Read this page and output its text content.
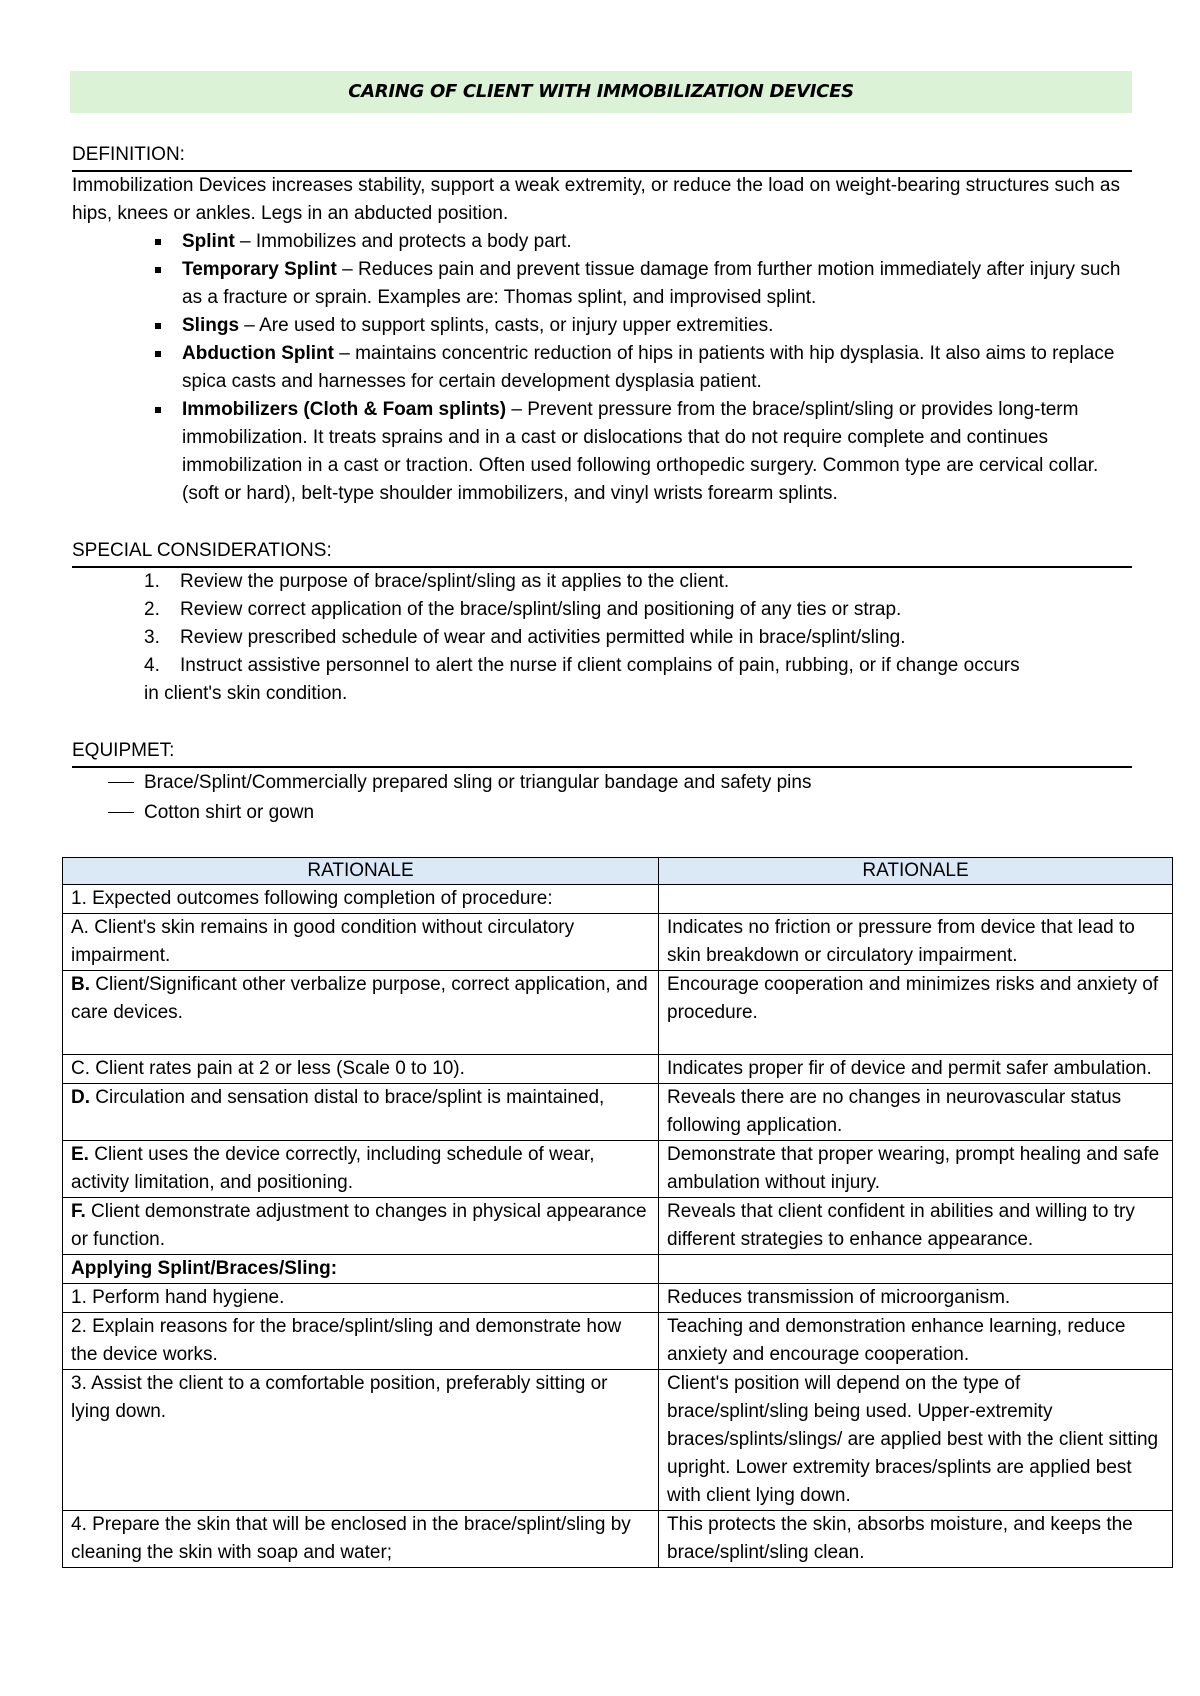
CARING OF CLIENT WITH IMMOBILIZATION DEVICES
DEFINITION:

Immobilization Devices increases stability, support a weak extremity, or reduce the load on weight-bearing structures such as hips, knees or ankles. Legs in an abducted position.

Splint – Immobilizes and protects a body part.
Temporary Splint – Reduces pain and prevent tissue damage from further motion immediately after injury such as a fracture or sprain. Examples are: Thomas splint, and improvised splint.
Slings – Are used to support splints, casts, or injury upper extremities.
Abduction Splint – maintains concentric reduction of hips in patients with hip dysplasia. It also aims to replace spica casts and harnesses for certain development dysplasia patient.
Immobilizers (Cloth & Foam splints) – Prevent pressure from the brace/splint/sling or provides long-term immobilization. It treats sprains and in a cast or dislocations that do not require complete and continues immobilization in a cast or traction. Often used following orthopedic surgery. Common type are cervical collar. (soft or hard), belt-type shoulder immobilizers, and vinyl wrists forearm splints.
SPECIAL CONSIDERATIONS:
1. Review the purpose of brace/splint/sling as it applies to the client.
2. Review correct application of the brace/splint/sling and positioning of any ties or strap.
3. Review prescribed schedule of wear and activities permitted while in brace/splint/sling.
4. Instruct assistive personnel to alert the nurse if client complains of pain, rubbing, or if change occurs
in client's skin condition.
EQUIPMET:
Brace/Splint/Commercially prepared sling or triangular bandage and safety pins
Cotton shirt or gown
RATIONALE	RATIONALE
1. Expected outcomes following completion of procedure:	
A. Client's skin remains in good condition without circulatory impairment.	Indicates no friction or pressure from device that lead to skin breakdown or circulatory impairment.
B. Client/Significant other verbalize purpose, correct application, and care devices.	Encourage cooperation and minimizes risks and anxiety of procedure.
C. Client rates pain at 2 or less (Scale 0 to 10).	Indicates proper fir of device and permit safer ambulation.
D. Circulation and sensation distal to brace/splint is maintained,	Reveals there are no changes in neurovascular status following application.
E. Client uses the device correctly, including schedule of wear, activity limitation, and positioning.	Demonstrate that proper wearing, prompt healing and safe ambulation without injury.
F. Client demonstrate adjustment to changes in physical appearance or function.	Reveals that client confident in abilities and willing to try different strategies to enhance appearance.
Applying Splint/Braces/Sling:	
1. Perform hand hygiene.	Reduces transmission of microorganism.
2. Explain reasons for the brace/splint/sling and demonstrate how the device works.	Teaching and demonstration enhance learning, reduce anxiety and encourage cooperation.
3. Assist the client to a comfortable position, preferably sitting or lying down.	Client's position will depend on the type of brace/splint/sling being used. Upper-extremity braces/splints/slings/ are applied best with the client sitting upright. Lower extremity braces/splints are applied best with client lying down.
4. Prepare the skin that will be enclosed in the brace/splint/sling by cleaning the skin with soap and water;	This protects the skin, absorbs moisture, and keeps the brace/splint/sling clean.
